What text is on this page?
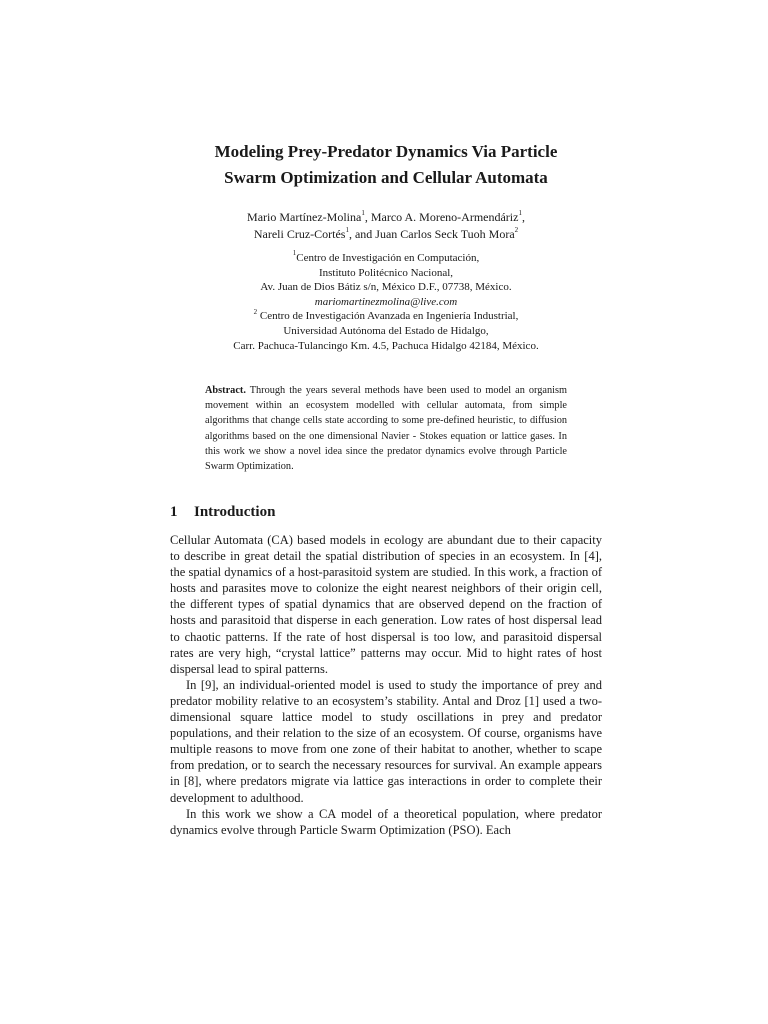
Modeling Prey-Predator Dynamics Via Particle
Swarm Optimization and Cellular Automata
Mario Martínez-Molina$^1$, Marco A. Moreno-Armendáriz$^1$,
Nareli Cruz-Cortés$^1$, and Juan Carlos Seck Tuoh Mora$^2$
$^1$Centro de Investigación en Computación,
Instituto Politécnico Nacional,
Av. Juan de Dios Bátiz s/n, México D.F., 07738, México.
mariomartinezmolina@live.com
$^2$ Centro de Investigación Avanzada en Ingeniería Industrial,
Universidad Autónoma del Estado de Hidalgo,
Carr. Pachuca-Tulancingo Km. 4.5, Pachuca Hidalgo 42184, México.
Abstract. Through the years several methods have been used to model an organism movement within an ecosystem modelled with cellular automata, from simple algorithms that change cells state according to some pre-defined heuristic, to diffusion algorithms based on the one dimensional Navier - Stokes equation or lattice gases. In this work we show a novel idea since the predator dynamics evolve through Particle Swarm Optimization.
1 Introduction

Cellular Automata (CA) based models in ecology are abundant due to their capacity to describe in great detail the spatial distribution of species in an ecosystem. In [4], the spatial dynamics of a host-parasitoid system are studied. In this work, a fraction of hosts and parasites move to colonize the eight nearest neighbors of their origin cell, the different types of spatial dynamics that are observed depend on the fraction of hosts and parasitoid that disperse in each generation. Low rates of host dispersal lead to chaotic patterns. If the rate of host dispersal is too low, and parasitoid dispersal rates are very high, “crystal lattice” patterns may occur. Mid to hight rates of host dispersal lead to spiral patterns.

In [9], an individual-oriented model is used to study the importance of prey and predator mobility relative to an ecosystem’s stability. Antal and Droz [1] used a two-dimensional square lattice model to study oscillations in prey and predator populations, and their relation to the size of an ecosystem. Of course, organisms have multiple reasons to move from one zone of their habitat to another, whether to scape from predation, or to search the necessary resources for survival. An example appears in [8], where predators migrate via lattice gas interactions in order to complete their development to adulthood.

In this work we show a CA model of a theoretical population, where predator dynamics evolve through Particle Swarm Optimization (PSO). Each
